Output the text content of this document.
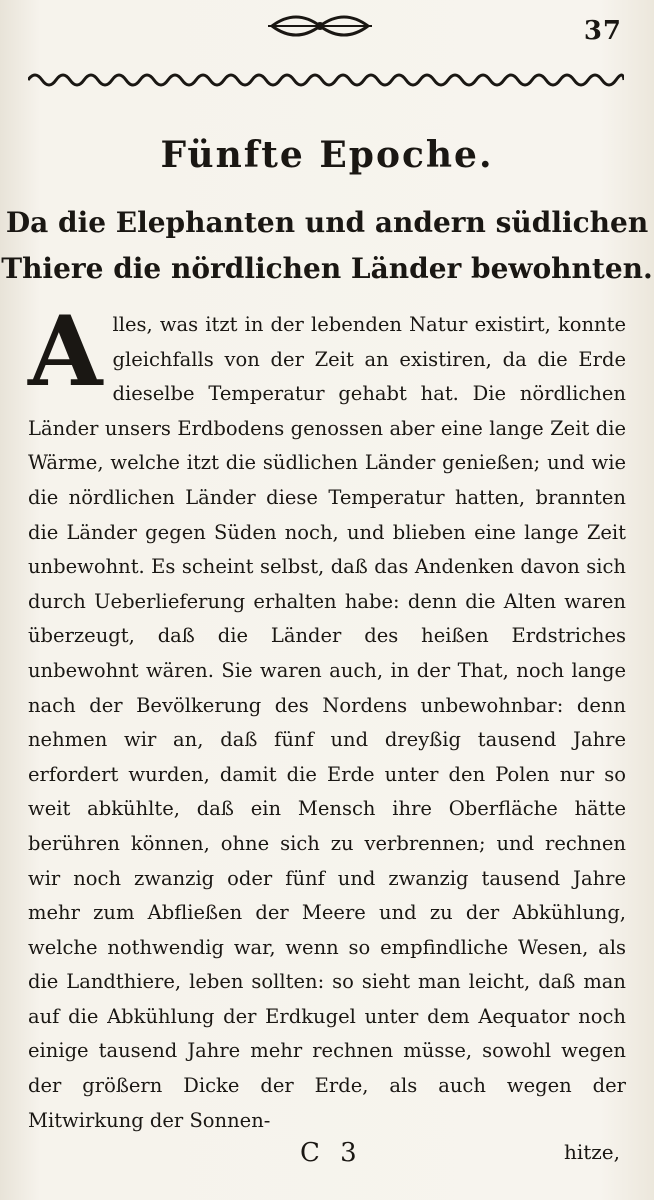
37
Fünfte Epoche.
Da die Elephanten und andern südlichen
Thiere die nördlichen Länder bewohnten.

Alles, was itzt in der lebenden Natur existirt, konnte gleichfalls von der Zeit an existiren, da die Erde dieselbe Temperatur gehabt hat. Die nördlichen Länder unsers Erdbodens genossen aber eine lange Zeit die Wärme, welche itzt die südlichen Länder genießen; und wie die nördlichen Länder diese Temperatur hatten, brannten die Länder gegen Süden noch, und blieben eine lange Zeit unbewohnt. Es scheint selbst, daß das Andenken davon sich durch Ueberlieferung erhalten habe: denn die Alten waren überzeugt, daß die Länder des heißen Erdstriches unbewohnt wären. Sie waren auch, in der That, noch lange nach der Bevölkerung des Nordens unbewohnbar: denn nehmen wir an, daß fünf und dreyßig tausend Jahre erfordert wurden, damit die Erde unter den Polen nur so weit abkühlte, daß ein Mensch ihre Oberfläche hätte berühren können, ohne sich zu verbrennen; und rechnen wir noch zwanzig oder fünf und zwanzig tausend Jahre mehr zum Abfließen der Meere und zu der Abkühlung, welche nothwendig war, wenn so empfindliche Wesen, als die Landthiere, leben sollten: so sieht man leicht, daß man auf die Abkühlung der Erdkugel unter dem Aequator noch einige tausend Jahre mehr rechnen müsse, sowohl wegen der größern Dicke der Erde, als auch wegen der Mitwirkung der Sonnen-

C 3	hitze,
